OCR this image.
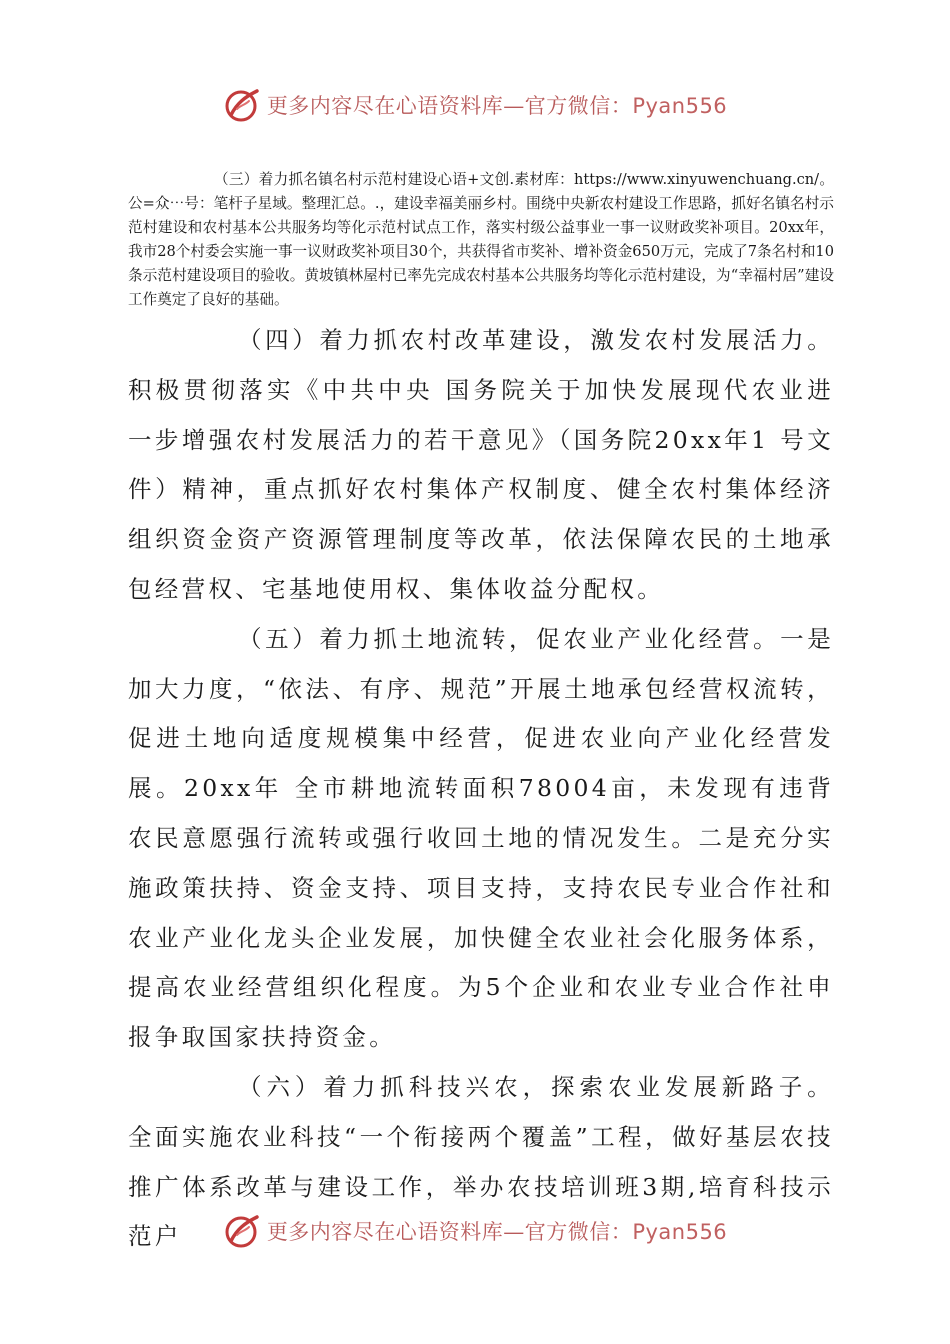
更多内容尽在心语资料库—官方微信：Pyan556

（三）着力抓名镇名村示范村建设心语+文创.素材库：https://www.xinyuwenchuang.cn/。公=众⋯号：笔杆子星域。整理汇总。.，建设幸福美丽乡村。围绕中央新农村建设工作思路，抓好名镇名村示范村建设和农村基本公共服务均等化示范村试点工作，落实村级公益事业一事一议财政奖补项目。20xx年，我市28个村委会实施一事一议财政奖补项目30个，共获得省市奖补、增补资金650万元，完成了7条名村和10条示范村建设项目的验收。黄坡镇林屋村已率先完成农村基本公共服务均等化示范村建设，为“幸福村居”建设工作奠定了良好的基础。

（四）着力抓农村改革建设，激发农村发展活力。积极贯彻落实《中共中央 国务院关于加快发展现代农业进一步增强农村发展活力的若干意见》（国务院20xx年1 号文件）精神，重点抓好农村集体产权制度、健全农村集体经济组织资金资产资源管理制度等改革，依法保障农民的土地承包经营权、宅基地使用权、集体收益分配权。

（五）着力抓土地流转，促农业产业化经营。一是加大力度，“依法、有序、规范”开展土地承包经营权流转，促进土地向适度规模集中经营，促进农业向产业化经营发展。20xx年 全市耕地流转面积78004亩，未发现有违背农民意愿强行流转或强行收回土地的情况发生。二是充分实施政策扶持、资金支持、项目支持，支持农民专业合作社和农业产业化龙头企业发展，加快健全农业社会化服务体系，提高农业经营组织化程度。为5个企业和农业专业合作社申报争取国家扶持资金。

（六）着力抓科技兴农，探索农业发展新路子。 全面实施农业科技“一个衔接两个覆盖”工程，做好基层农技推广体系改革与建设工作，举办农技培训班3期,培育科技示范户	更多内容尽在心语资料库—官方微信：Pyan556
